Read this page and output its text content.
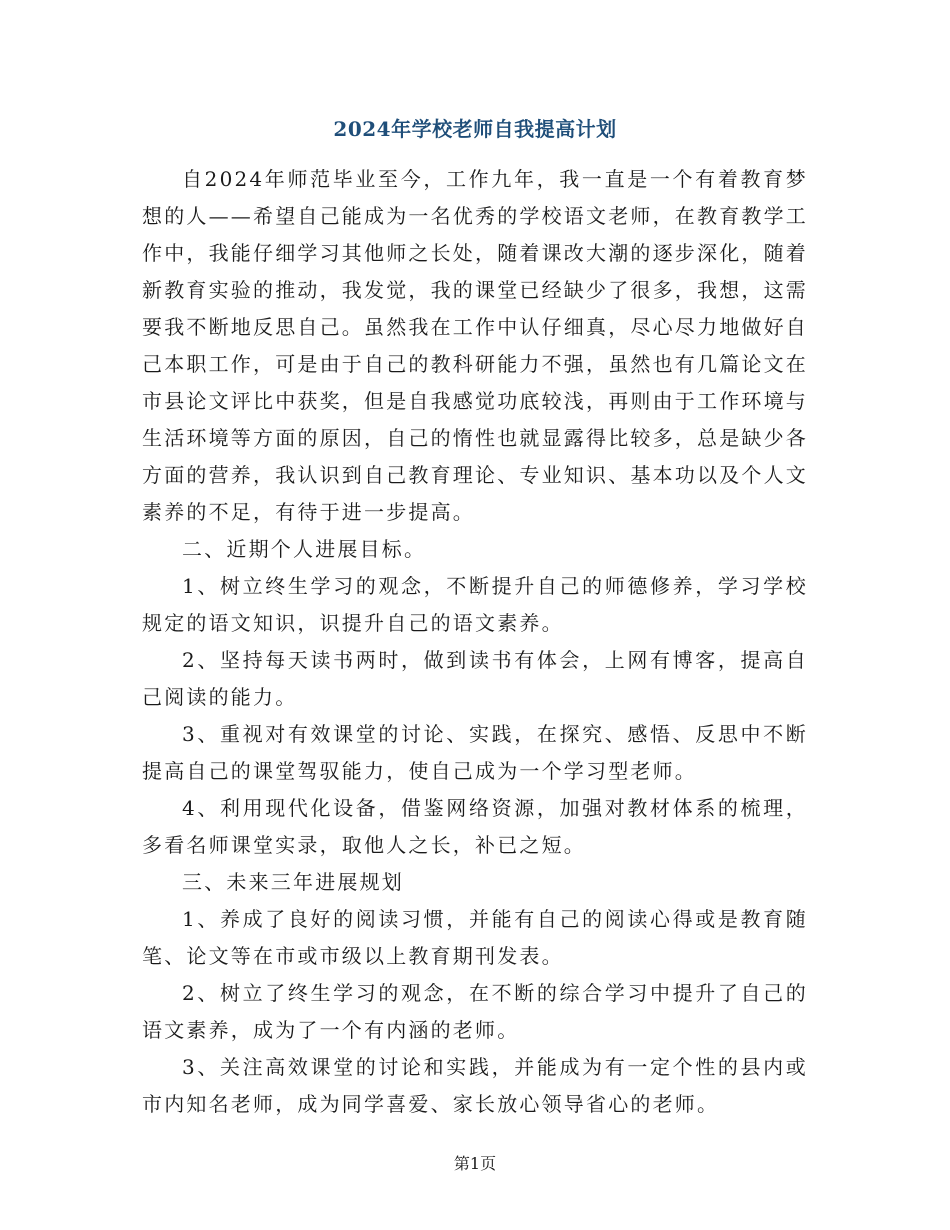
2024年学校老师自我提高计划

自2024年师范毕业至今，工作九年，我一直是一个有着教育梦想的人——希望自己能成为一名优秀的学校语文老师，在教育教学工作中，我能仔细学习其他师之长处，随着课改大潮的逐步深化，随着新教育实验的推动，我发觉，我的课堂已经缺少了很多，我想，这需要我不断地反思自己。虽然我在工作中认仔细真，尽心尽力地做好自己本职工作，可是由于自己的教科研能力不强，虽然也有几篇论文在市县论文评比中获奖，但是自我感觉功底较浅，再则由于工作环境与生活环境等方面的原因，自己的惰性也就显露得比较多，总是缺少各方面的营养，我认识到自己教育理论、专业知识、基本功以及个人文素养的不足，有待于进一步提高。

二、近期个人进展目标。

1、树立终生学习的观念，不断提升自己的师德修养，学习学校规定的语文知识，识提升自己的语文素养。

2、坚持每天读书两时，做到读书有体会，上网有博客，提高自己阅读的能力。

3、重视对有效课堂的讨论、实践，在探究、感悟、反思中不断提高自己的课堂驾驭能力，使自己成为一个学习型老师。

4、利用现代化设备，借鉴网络资源，加强对教材体系的梳理，多看名师课堂实录，取他人之长，补已之短。

三、未来三年进展规划

1、养成了良好的阅读习惯，并能有自己的阅读心得或是教育随笔、论文等在市或市级以上教育期刊发表。

2、树立了终生学习的观念，在不断的综合学习中提升了自己的语文素养，成为了一个有内涵的老师。

3、关注高效课堂的讨论和实践，并能成为有一定个性的县内或市内知名老师，成为同学喜爱、家长放心领导省心的老师。

第1页
